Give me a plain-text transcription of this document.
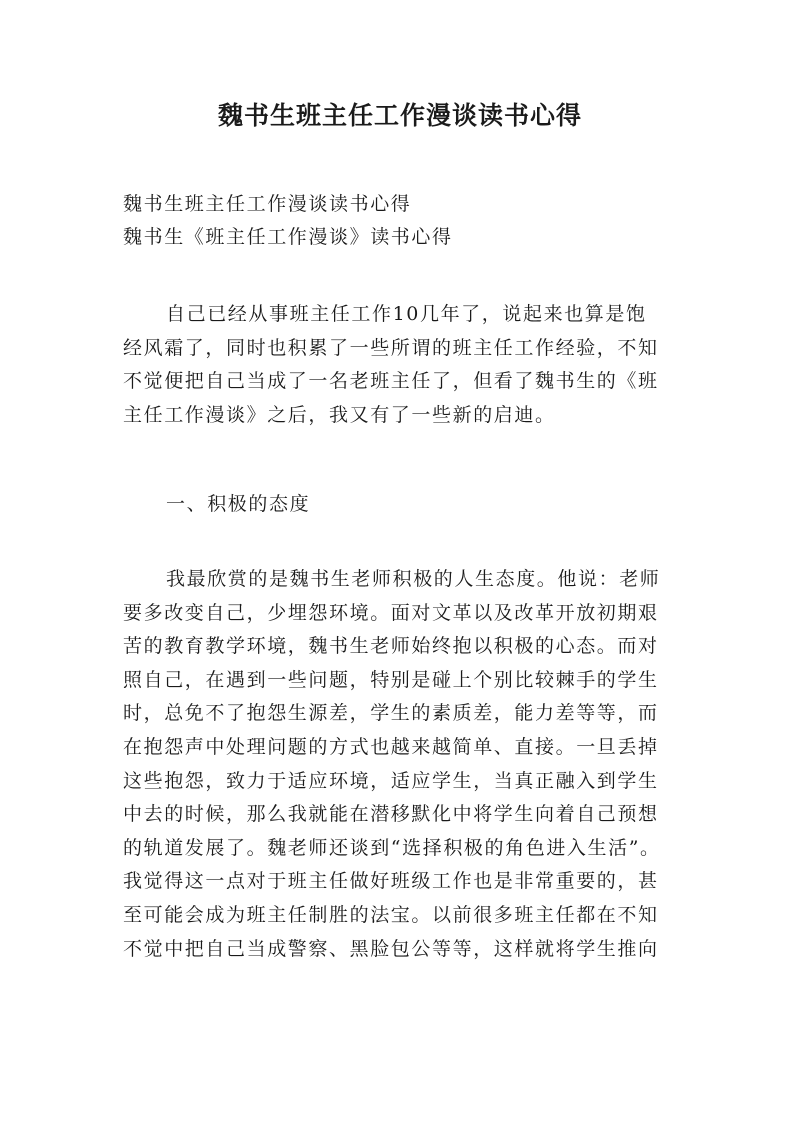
魏书生班主任工作漫谈读书心得
魏书生班主任工作漫谈读书心得
魏书生《班主任工作漫谈》读书心得
自己已经从事班主任工作10几年了，说起来也算是饱
经风霜了，同时也积累了一些所谓的班主任工作经验，不知
不觉便把自己当成了一名老班主任了，但看了魏书生的《班
主任工作漫谈》之后，我又有了一些新的启迪。
一、积极的态度
我最欣赏的是魏书生老师积极的人生态度。他说：老师
要多改变自己，少埋怨环境。面对文革以及改革开放初期艰
苦的教育教学环境，魏书生老师始终抱以积极的心态。而对
照自己，在遇到一些问题，特别是碰上个别比较棘手的学生
时，总免不了抱怨生源差，学生的素质差，能力差等等，而
在抱怨声中处理问题的方式也越来越简单、直接。一旦丢掉
这些抱怨，致力于适应环境，适应学生，当真正融入到学生
中去的时候，那么我就能在潜移默化中将学生向着自己预想
的轨道发展了。魏老师还谈到“选择积极的角色进入生活”。
我觉得这一点对于班主任做好班级工作也是非常重要的，甚
至可能会成为班主任制胜的法宝。以前很多班主任都在不知
不觉中把自己当成警察、黑脸包公等等，这样就将学生推向
